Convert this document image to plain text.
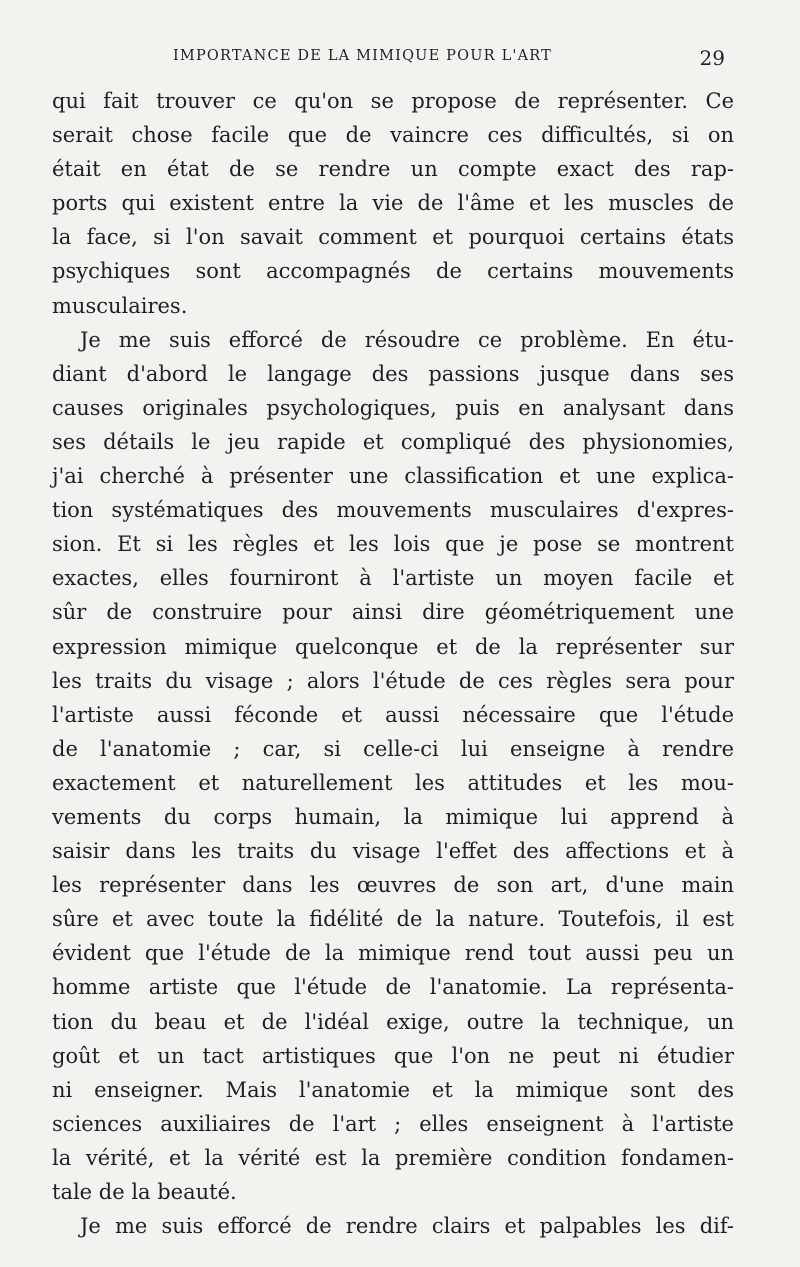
IMPORTANCE DE LA MIMIQUE POUR L'ART	29
qui fait trouver ce qu'on se propose de représenter. Ce
serait chose facile que de vaincre ces difficultés, si on
était en état de se rendre un compte exact des rap-
ports qui existent entre la vie de l'âme et les muscles de
la face, si l'on savait comment et pourquoi certains états
psychiques sont accompagnés de certains mouvements
musculaires.
Je me suis efforcé de résoudre ce problème. En étu-
diant d'abord le langage des passions jusque dans ses
causes originales psychologiques, puis en analysant dans
ses détails le jeu rapide et compliqué des physionomies,
j'ai cherché à présenter une classification et une explica-
tion systématiques des mouvements musculaires d'expres-
sion. Et si les règles et les lois que je pose se montrent
exactes, elles fourniront à l'artiste un moyen facile et
sûr de construire pour ainsi dire géométriquement une
expression mimique quelconque et de la représenter sur
les traits du visage ; alors l'étude de ces règles sera pour
l'artiste aussi féconde et aussi nécessaire que l'étude
de l'anatomie ; car, si celle-ci lui enseigne à rendre
exactement et naturellement les attitudes et les mou-
vements du corps humain, la mimique lui apprend à
saisir dans les traits du visage l'effet des affections et à
les représenter dans les œuvres de son art, d'une main
sûre et avec toute la fidélité de la nature. Toutefois, il est
évident que l'étude de la mimique rend tout aussi peu un
homme artiste que l'étude de l'anatomie. La représenta-
tion du beau et de l'idéal exige, outre la technique, un
goût et un tact artistiques que l'on ne peut ni étudier
ni enseigner. Mais l'anatomie et la mimique sont des
sciences auxiliaires de l'art ; elles enseignent à l'artiste
la vérité, et la vérité est la première condition fondamen-
tale de la beauté.
Je me suis efforcé de rendre clairs et palpables les dif-
